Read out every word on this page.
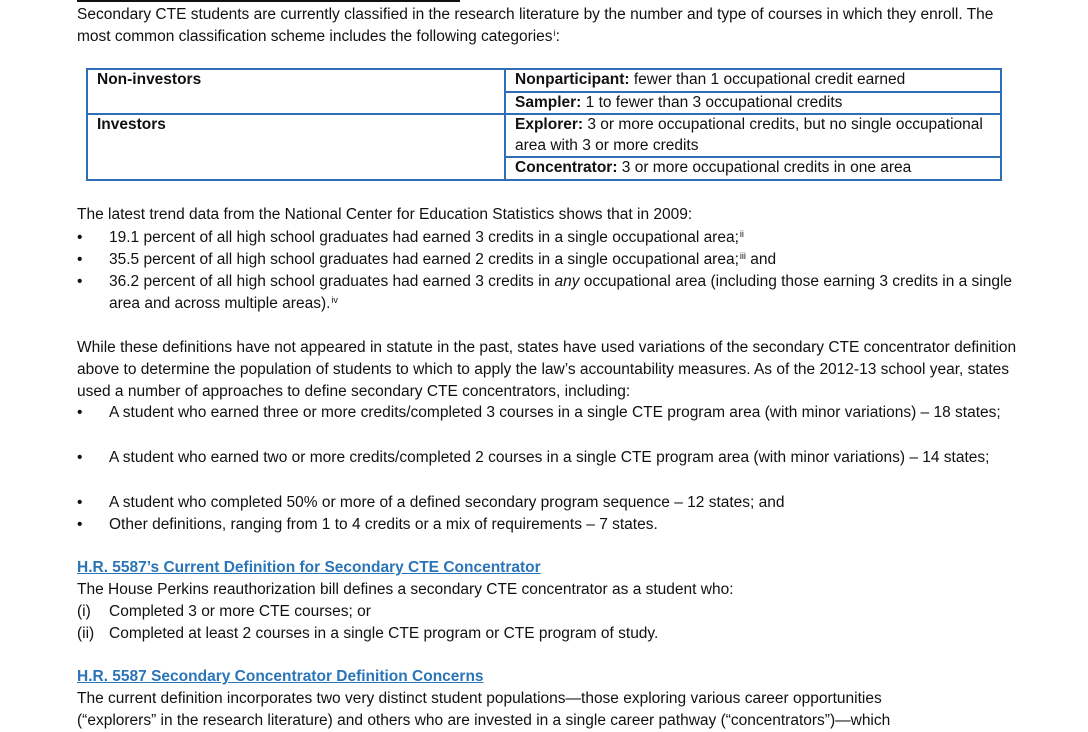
Secondary CTE students are currently classified in the research literature by the number and type of courses in which they enroll. The most common classification scheme includes the following categories$^i$:

Non-investors	Nonparticipant: fewer than 1 occupational credit earned
	Sampler: 1 to fewer than 3 occupational credits
Investors	Explorer: 3 or more occupational credits, but no single occupational area with 3 or more credits
	Concentrator: 3 or more occupational credits in one area

The latest trend data from the National Center for Education Statistics shows that in 2009:

•	19.1 percent of all high school graduates had earned 3 credits in a single occupational area;$^{ii}$
•	35.5 percent of all high school graduates had earned 2 credits in a single occupational area;$^{iii}$ and
•	36.2 percent of all high school graduates had earned 3 credits in any occupational area (including those earning 3 credits in a single area and across multiple areas).$^{iv}$

While these definitions have not appeared in statute in the past, states have used variations of the secondary CTE concentrator definition above to determine the population of students to which to apply the law’s accountability measures. As of the 2012-13 school year, states used a number of approaches to define secondary CTE concentrators, including:

•	A student who earned three or more credits/completed 3 courses in a single CTE program area (with minor variations) – 18 states;
•	A student who earned two or more credits/completed 2 courses in a single CTE program area (with minor variations) – 14 states;
•	A student who completed 50% or more of a defined secondary program sequence – 12 states; and
•	Other definitions, ranging from 1 to 4 credits or a mix of requirements – 7 states.
H.R. 5587’s Current Definition for Secondary CTE Concentrator

The House Perkins reauthorization bill defines a secondary CTE concentrator as a student who:

(i)	Completed 3 or more CTE courses; or
(ii) Completed at least 2 courses in a single CTE program or CTE program of study.
H.R. 5587 Secondary Concentrator Definition Concerns

The current definition incorporates two very distinct student populations—those exploring various career opportunities

(“explorers” in the research literature) and others who are invested in a single career pathway (“concentrators”)—which
